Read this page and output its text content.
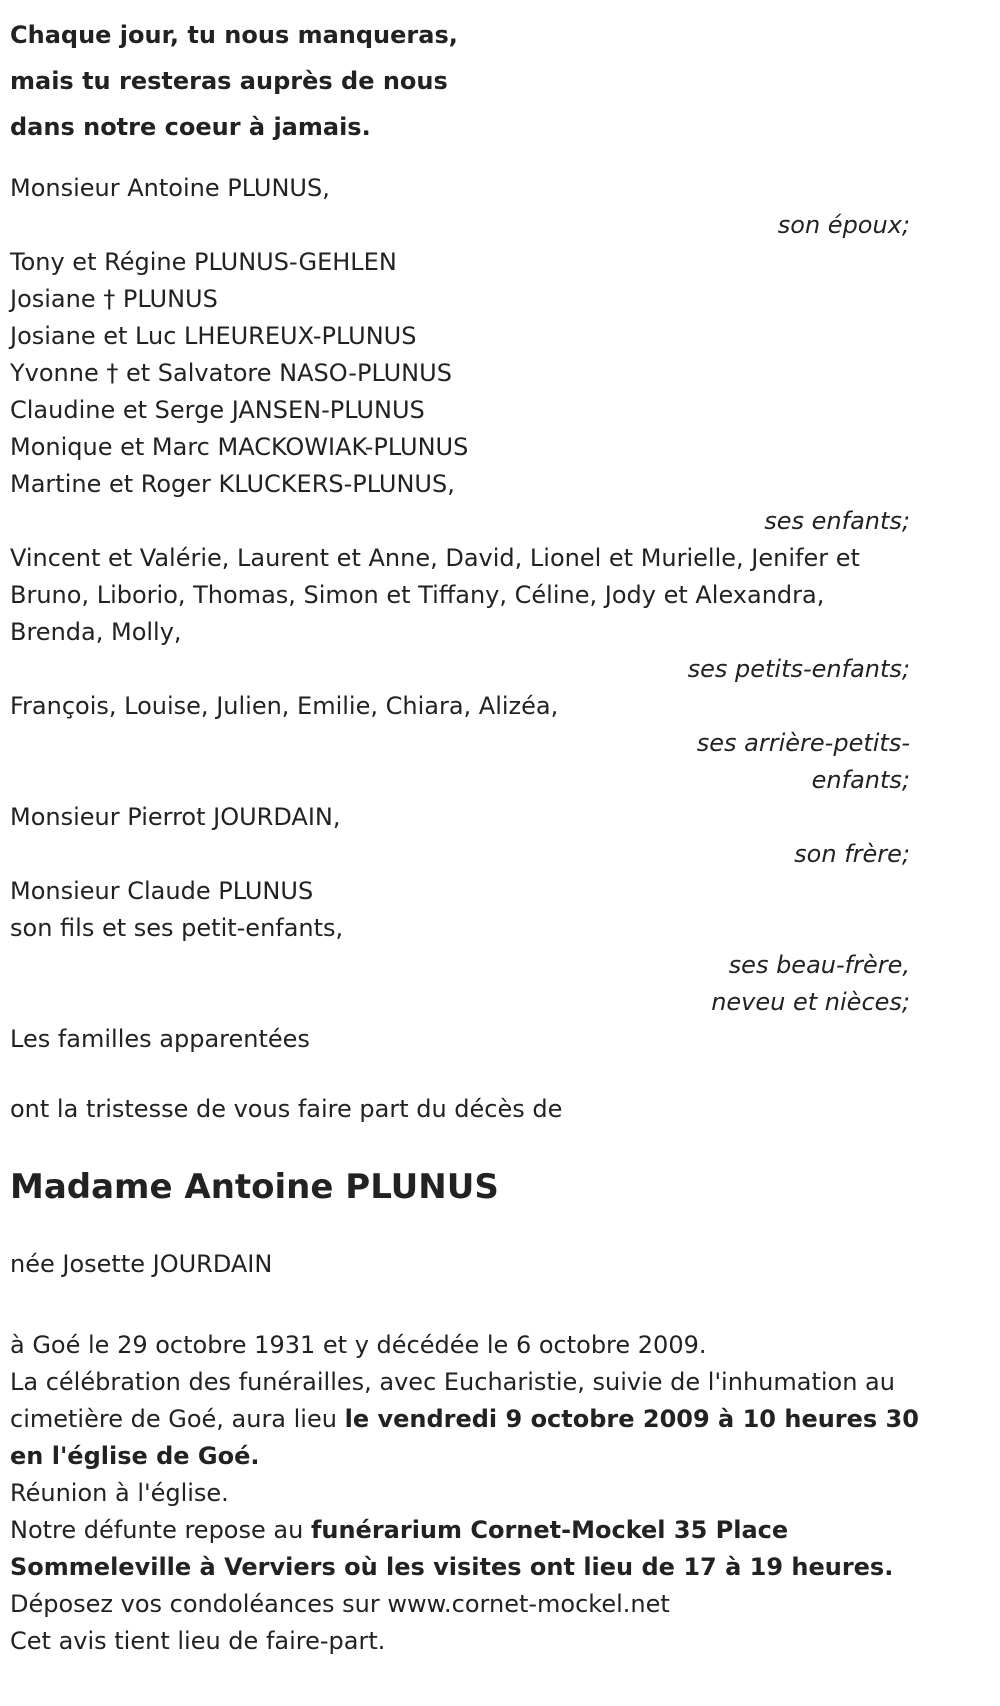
Chaque jour, tu nous manqueras,
mais tu resteras auprès de nous
dans notre coeur à jamais.
Monsieur Antoine PLUNUS,
son époux;
Tony et Régine PLUNUS-GEHLEN
Josiane † PLUNUS
Josiane et Luc LHEUREUX-PLUNUS
Yvonne † et Salvatore NASO-PLUNUS
Claudine et Serge JANSEN-PLUNUS
Monique et Marc MACKOWIAK-PLUNUS
Martine et Roger KLUCKERS-PLUNUS,
ses enfants;
Vincent et Valérie, Laurent et Anne, David, Lionel et Murielle, Jenifer et
Bruno, Liborio, Thomas, Simon et Tiffany, Céline, Jody et Alexandra,
Brenda, Molly,
ses petits-enfants;
François, Louise, Julien, Emilie, Chiara, Alizéa,
ses arrière-petits-
enfants;
Monsieur Pierrot JOURDAIN,
son frère;
Monsieur Claude PLUNUS
son fils et ses petit-enfants,
ses beau-frère,
neveu et nièces;
Les familles apparentées
ont la tristesse de vous faire part du décès de
Madame Antoine PLUNUS
née Josette JOURDAIN
à Goé le 29 octobre 1931 et y décédée le 6 octobre 2009.
La célébration des funérailles, avec Eucharistie, suivie de l'inhumation au
cimetière de Goé, aura lieu le vendredi 9 octobre 2009 à 10 heures 30
en l'église de Goé.
Réunion à l'église.
Notre défunte repose au funérarium Cornet-Mockel 35 Place
Sommeleville à Verviers où les visites ont lieu de 17 à 19 heures.
Déposez vos condoléances sur www.cornet-mockel.net
Cet avis tient lieu de faire-part.
